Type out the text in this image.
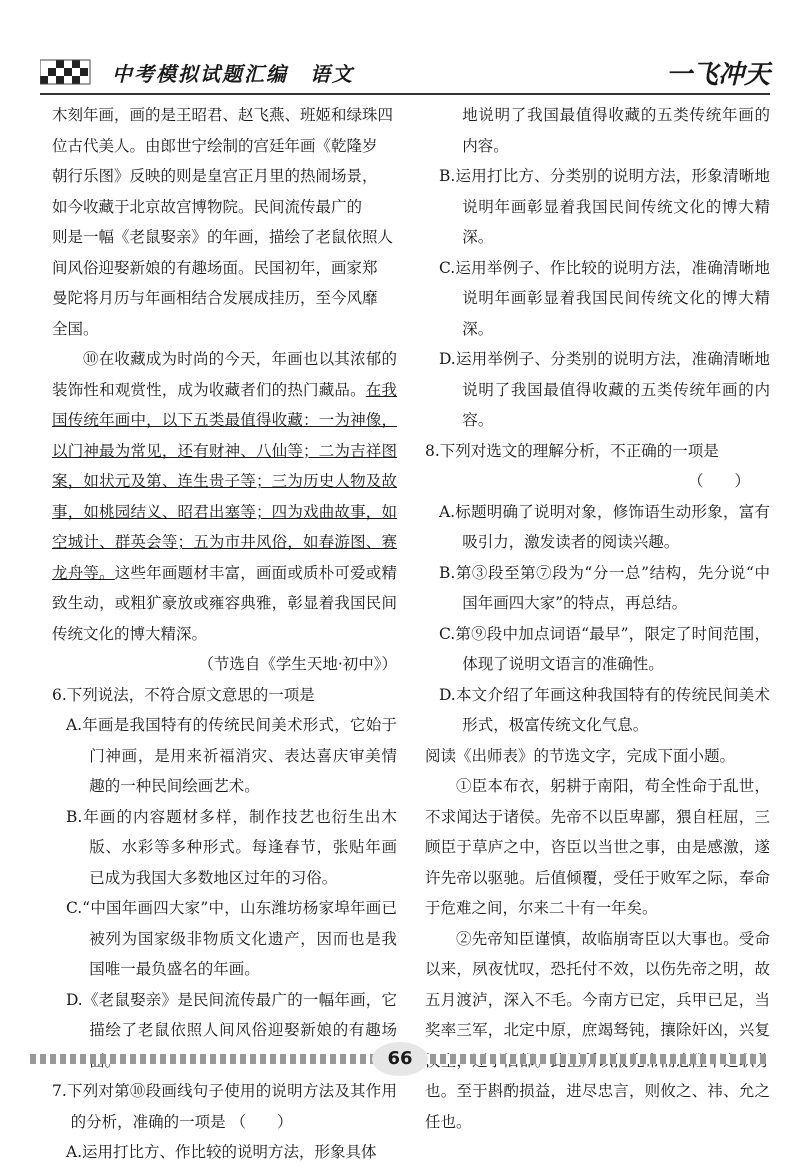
中考模拟试题汇编　语文	一飞冲天

木刻年画，画的是王昭君、赵飞燕、班姬和绿珠四

位古代美人。由郎世宁绘制的宫廷年画《乾隆岁

朝行乐图》反映的则是皇宫正月里的热闹场景，

如今收藏于北京故宫博物院。民间流传最广的

则是一幅《老鼠娶亲》的年画，描绘了老鼠依照人

间风俗迎娶新娘的有趣场面。民国初年，画家郑

曼陀将月历与年画相结合发展成挂历，至今风靡

全国。

⑩在收藏成为时尚的今天，年画也以其浓郁的装饰性和观赏性，成为收藏者们的热门藏品。在我国传统年画中，以下五类最值得收藏：一为神像，以门神最为常见，还有财神、八仙等；二为吉祥图案，如状元及第、连生贵子等；三为历史人物及故事，如桃园结义、昭君出塞等；四为戏曲故事，如空城计、群英会等；五为市井风俗，如春游图、赛龙舟等。这些年画题材丰富，画面或质朴可爱或精致生动，或粗犷豪放或雍容典雅，彰显着我国民间传统文化的博大精深。

（节选自《学生天地·初中》）

6.下列说法，不符合原文意思的一项是

A.年画是我国特有的传统民间美术形式，它始于门神画，是用来祈福消灾、表达喜庆审美情趣的一种民间绘画艺术。

B.年画的内容题材多样，制作技艺也衍生出木版、水彩等多种形式。每逢春节，张贴年画已成为我国大多数地区过年的习俗。

C.“中国年画四大家”中，山东潍坊杨家埠年画已被列为国家级非物质文化遗产，因而也是我国唯一最负盛名的年画。

D.《老鼠娶亲》是民间流传最广的一幅年画，它描绘了老鼠依照人间风俗迎娶新娘的有趣场

7.下列对第⑩段画线句子使用的说明方法及其作用的分析，准确的一项是 （　　）

A.运用打比方、作比较的说明方法，形象具体

地说明了我国最值得收藏的五类传统年画的内容。

B.运用打比方、分类别的说明方法，形象清晰地说明年画彰显着我国民间传统文化的博大精深。

C.运用举例子、作比较的说明方法，准确清晰地说明年画彰显着我国民间传统文化的博大精深。

D.运用举例子、分类别的说明方法，准确清晰地说明了我国最值得收藏的五类传统年画的内容。

8.下列对选文的理解分析，不正确的一项是

（　　）

A.标题明确了说明对象，修饰语生动形象，富有吸引力，激发读者的阅读兴趣。

B.第③段至第⑦段为“分一总”结构，先分说“中国年画四大家”的特点，再总结。

C.第⑨段中加点词语“最早”，限定了时间范围，体现了说明文语言的准确性。

D.本文介绍了年画这种我国特有的传统民间美术形式，极富传统文化气息。

阅读《出师表》的节选文字，完成下面小题。

①臣本布衣，躬耕于南阳，苟全性命于乱世，不求闻达于诸侯。先帝不以臣卑鄙，猥自枉屈，三顾臣于草庐之中，咨臣以当世之事，由是感激，遂许先帝以驱驰。后值倾覆，受任于败军之际，奉命于危难之间，尔来二十有一年矣。

②先帝知臣谨慎，故临崩寄臣以大事也。受命以来，夙夜忧叹，恐托付不效，以伤先帝之明，故五月渡泸，深入不毛。今南方已定，兵甲已足，当奖率三军，北定中原，庶竭驽钝，攘除奸凶，兴复 也。至于斟酌损益，进尽忠言，则攸之、祎、允之任也。

66
